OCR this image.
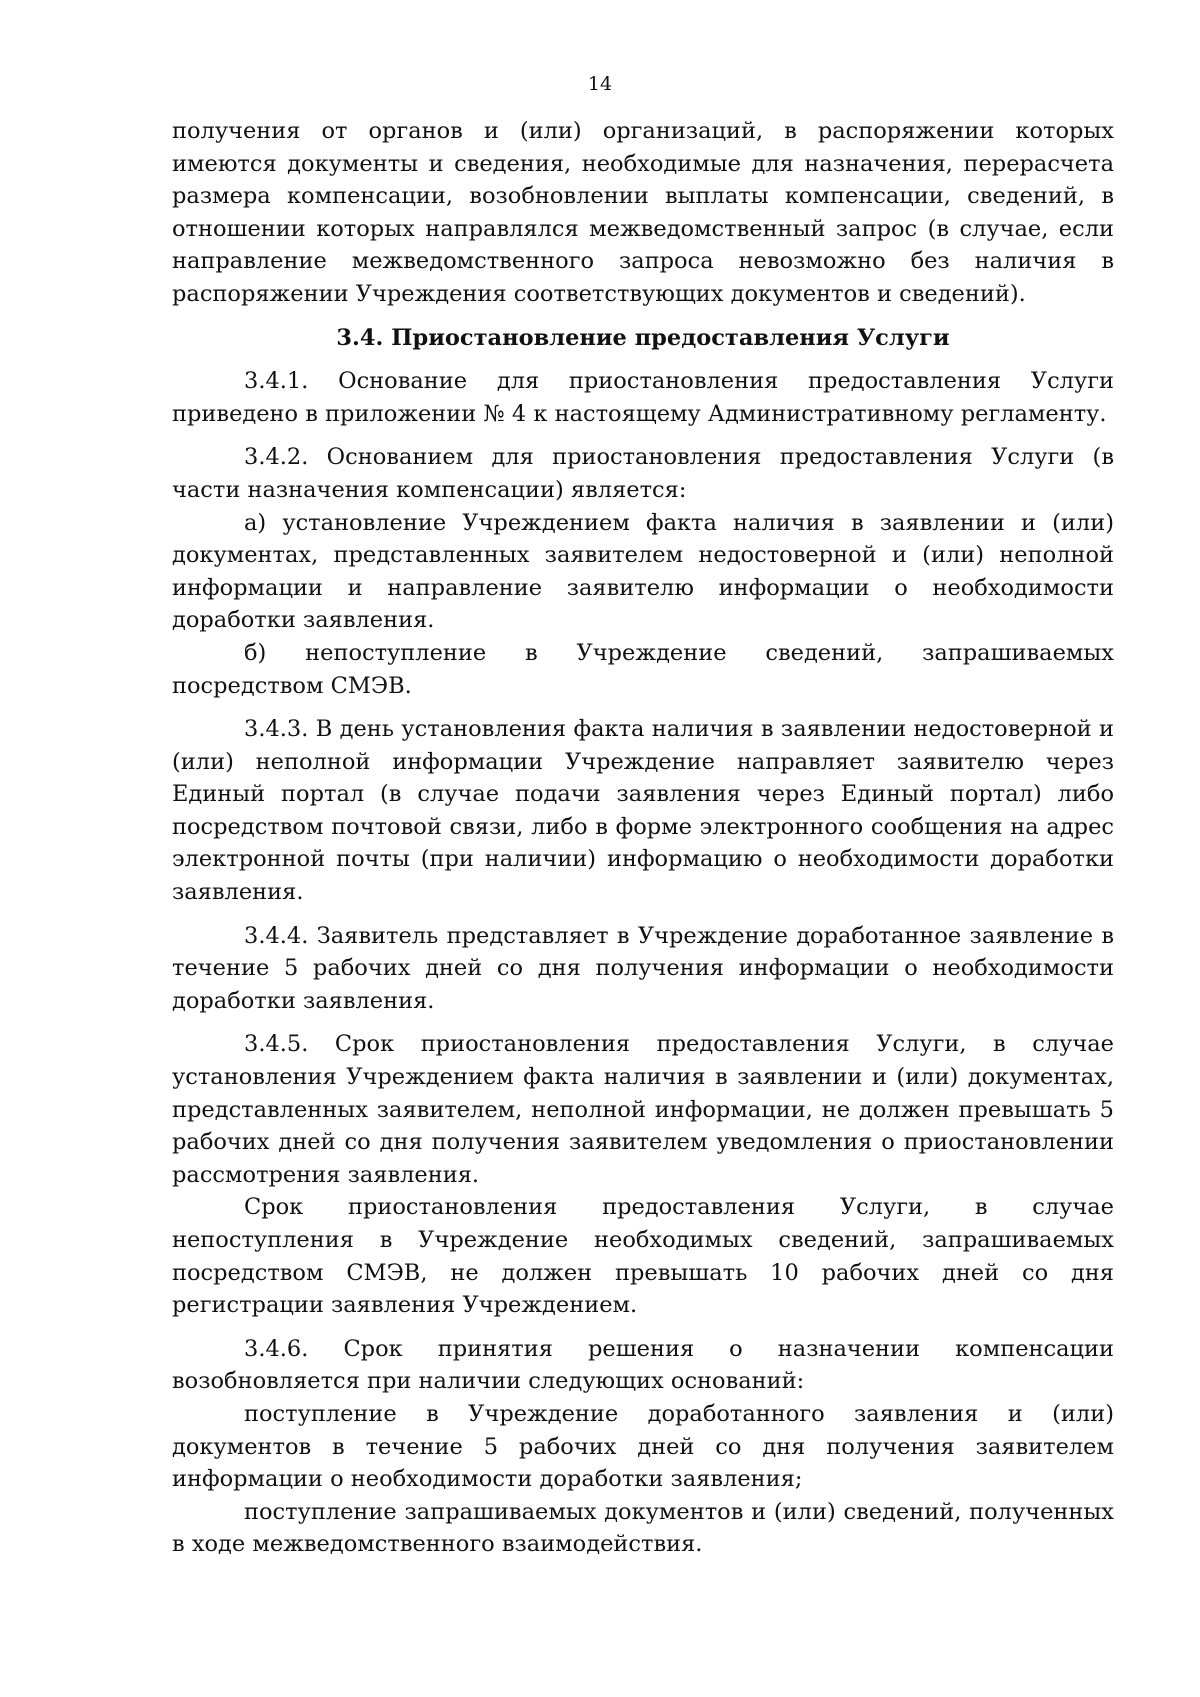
14

получения от органов и (или) организаций, в распоряжении которых имеются документы и сведения, необходимые для назначения, перерасчета размера компенсации, возобновлении выплаты компенсации, сведений, в отношении которых направлялся межведомственный запрос (в случае, если направление межведомственного запроса невозможно без наличия в распоряжении Учреждения соответствующих документов и сведений).

3.4. Приостановление предоставления Услуги

3.4.1. Основание для приостановления предоставления Услуги приведено в приложении № 4 к настоящему Административному регламенту.

3.4.2. Основанием для приостановления предоставления Услуги (в части назначения компенсации) является:

а) установление Учреждением факта наличия в заявлении и (или) документах, представленных заявителем недостоверной и (или) неполной информации и направление заявителю информации о необходимости доработки заявления.

б) непоступление в Учреждение сведений, запрашиваемых посредством СМЭВ.

3.4.3. В день установления факта наличия в заявлении недостоверной и (или) неполной информации Учреждение направляет заявителю через Единый портал (в случае подачи заявления через Единый портал) либо посредством почтовой связи, либо в форме электронного сообщения на адрес электронной почты (при наличии) информацию о необходимости доработки заявления.

3.4.4. Заявитель представляет в Учреждение доработанное заявление в течение 5 рабочих дней со дня получения информации о необходимости доработки заявления.

3.4.5. Срок приостановления предоставления Услуги, в случае установления Учреждением факта наличия в заявлении и (или) документах, представленных заявителем, неполной информации, не должен превышать 5 рабочих дней со дня получения заявителем уведомления о приостановлении рассмотрения заявления.

Срок приостановления предоставления Услуги, в случае непоступления в Учреждение необходимых сведений, запрашиваемых посредством СМЭВ, не должен превышать 10 рабочих дней со дня регистрации заявления Учреждением.

3.4.6. Срок принятия решения о назначении компенсации возобновляется при наличии следующих оснований:

поступление в Учреждение доработанного заявления и (или) документов в течение 5 рабочих дней со дня получения заявителем информации о необходимости доработки заявления;

поступление запрашиваемых документов и (или) сведений, полученных в ходе межведомственного взаимодействия.
